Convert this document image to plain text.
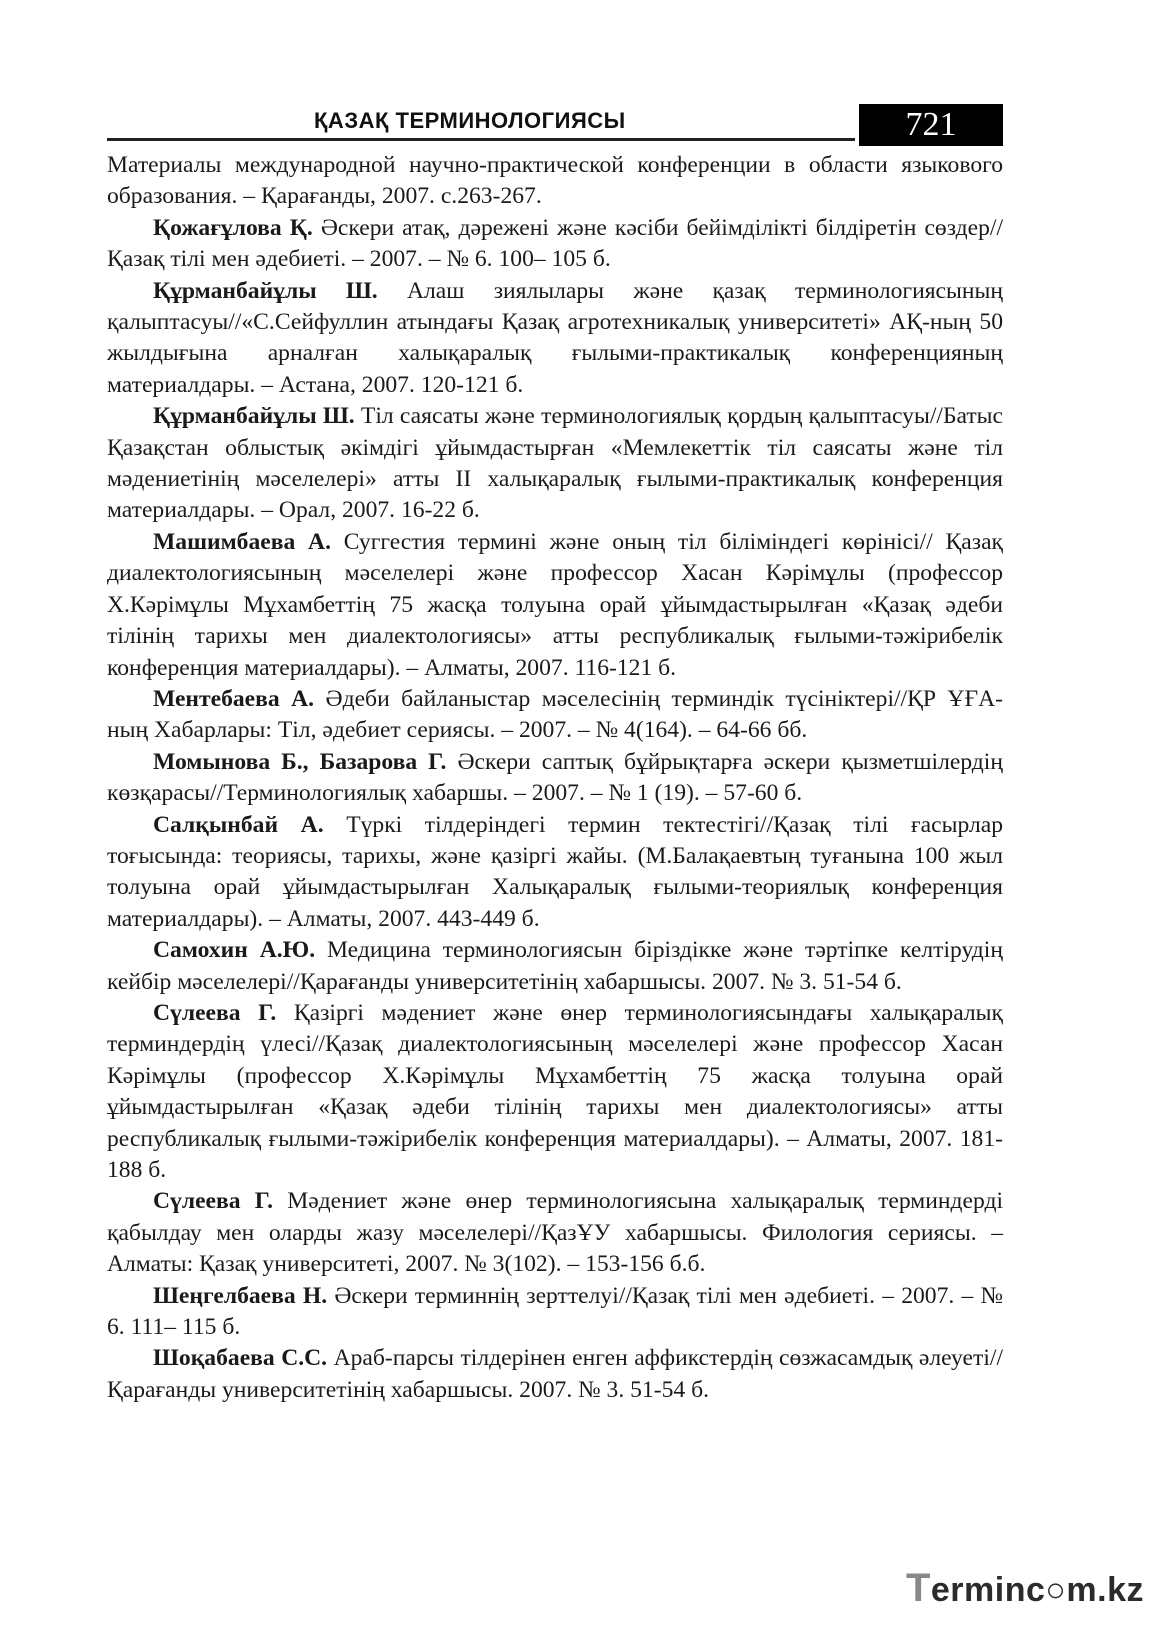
ҚАЗАҚ ТЕРМИНОЛОГИЯСЫ	721

Материалы международной научно-практической конференции в области языкового образования. – Қарағанды, 2007. с.263-267.

Қожағұлова Қ. Әскери атақ, дәрежені және кәсіби бейімділікті білдіретін сөздер//Қазақ тілі мен әдебиеті. – 2007. – № 6. 100– 105 б.

Құрманбайұлы Ш. Алаш зиялылары және қазақ терминологиясының қалыптасуы//«С.Сейфуллин атындағы Қазақ агротехникалық университеті» АҚ-ның 50 жылдығына арналған халықаралық ғылыми-практикалық конференцияның материалдары. – Астана, 2007. 120-121 б.

Құрманбайұлы Ш. Тіл саясаты және терминологиялық қордың қалыптасуы//Батыс Қазақстан облыстық әкімдігі ұйымдастырған «Мемлекеттік тіл саясаты және тіл мәдениетінің мәселелері» атты ІІ халықаралық ғылыми-практикалық конференция материалдары. – Орал, 2007. 16-22 б.

Машимбаева А. Суггестия термині және оның тіл біліміндегі көрінісі// Қазақ диалектологиясының мәселелері және профессор Хасан Кәрімұлы (профессор Х.Кәрімұлы Мұхамбеттің 75 жасқа толуына орай ұйымдастырылған «Қазақ әдеби тілінің тарихы мен диалектологиясы» атты республикалық ғылыми-тәжірибелік конференция материалдары). – Алматы, 2007. 116-121 б.

Ментебаева А. Әдеби байланыстар мәселесінің терминдік түсініктері//ҚР ҰҒА-ның Хабарлары: Тіл, әдебиет сериясы. – 2007. – № 4(164). – 64-66 бб.

Момынова Б., Базарова Г. Әскери саптық бұйрықтарға әскери қызметшілердің көзқарасы//Терминологиялық хабаршы. – 2007. – № 1 (19). – 57-60 б.

Салқынбай А. Түркі тілдеріндегі термин тектестігі//Қазақ тілі ғасырлар тоғысында: теориясы, тарихы, және қазіргі жайы. (М.Балақаевтың туғанына 100 жыл толуына орай ұйымдастырылған Халықаралық ғылыми-теориялық конференция материалдары). – Алматы, 2007. 443-449 б.

Самохин А.Ю. Медицина терминологиясын біріздікке және тәртіпке келтірудің кейбір мәселелері//Қарағанды университетінің хабаршысы. 2007. № 3. 51-54 б.

Сүлеева Г. Қазіргі мәдениет және өнер терминологиясындағы халықаралық терминдердің үлесі//Қазақ диалектологиясының мәселелері және профессор Хасан Кәрімұлы (профессор Х.Кәрімұлы Мұхамбеттің 75 жасқа толуына орай ұйымдастырылған «Қазақ әдеби тілінің тарихы мен диалектологиясы» атты республикалық ғылыми-тәжірибелік конференция материалдары). – Алматы, 2007. 181-188 б.

Сүлеева Г. Мәдениет және өнер терминологиясына халықаралық терминдерді қабылдау мен оларды жазу мәселелері//ҚазҰУ хабаршысы. Филология сериясы. – Алматы: Қазақ университеті, 2007. № 3(102). – 153-156 б.б.

Шеңгелбаева Н. Әскери терминнің зерттелуі//Қазақ тілі мен әдебиеті. – 2007. – № 6. 111– 115 б.

Шоқабаева С.С. Араб-парсы тілдерінен енген аффикстердің сөзжасамдық әлеуеті//Қарағанды университетінің хабаршысы. 2007. № 3. 51-54 б.

Terminc○m.kz
